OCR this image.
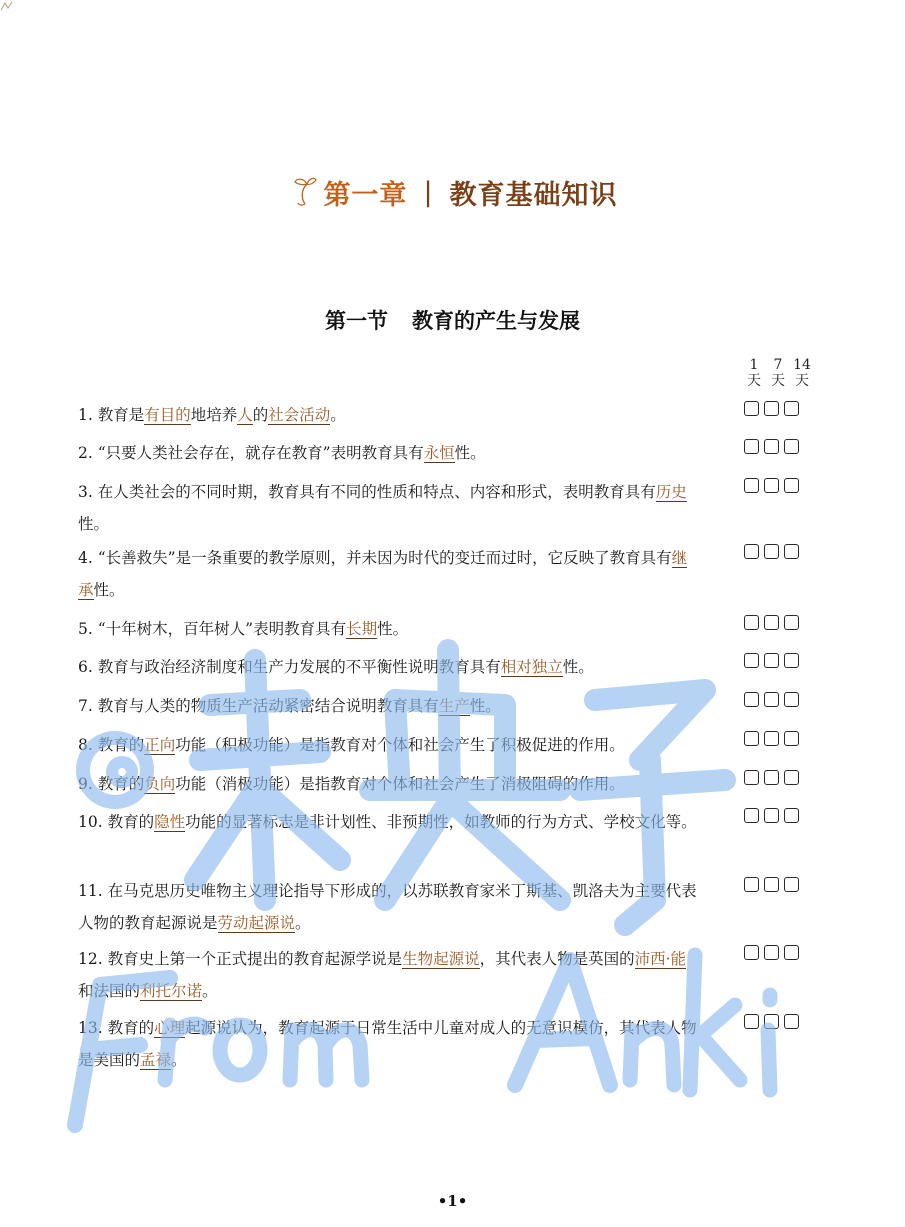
第一章 | 教育基础知识
第一节 教育的产生与发展
1
天
7
天
14
天
1. 教育是有目的地培养人的社会活动。
2. “只要人类社会存在，就存在教育”表明教育具有永恒性。
3. 在人类社会的不同时期，教育具有不同的性质和特点、内容和形式，表明教育具有历史性。
4. “长善救失”是一条重要的教学原则，并未因为时代的变迁而过时，它反映了教育具有继承性。
5. “十年树木，百年树人”表明教育具有长期性。
6. 教育与政治经济制度和生产力发展的不平衡性说明教育具有相对独立性。
7. 教育与人类的物质生产活动紧密结合说明教育具有生产性。
8. 教育的正向功能（积极功能）是指教育对个体和社会产生了积极促进的作用。
9. 教育的负向功能（消极功能）是指教育对个体和社会产生了消极阻碍的作用。
10. 教育的隐性功能的显著标志是非计划性、非预期性，如教师的行为方式、学校文化等。
11. 在马克思历史唯物主义理论指导下形成的，以苏联教育家米丁斯基、凯洛夫为主要代表人物的教育起源说是劳动起源说。
12. 教育史上第一个正式提出的教育起源学说是生物起源说，其代表人物是英国的沛西·能和法国的利托尔诺。
13. 教育的心理起源说认为，教育起源于日常生活中儿童对成人的无意识模仿，其代表人物是美国的孟禄。
•1•
